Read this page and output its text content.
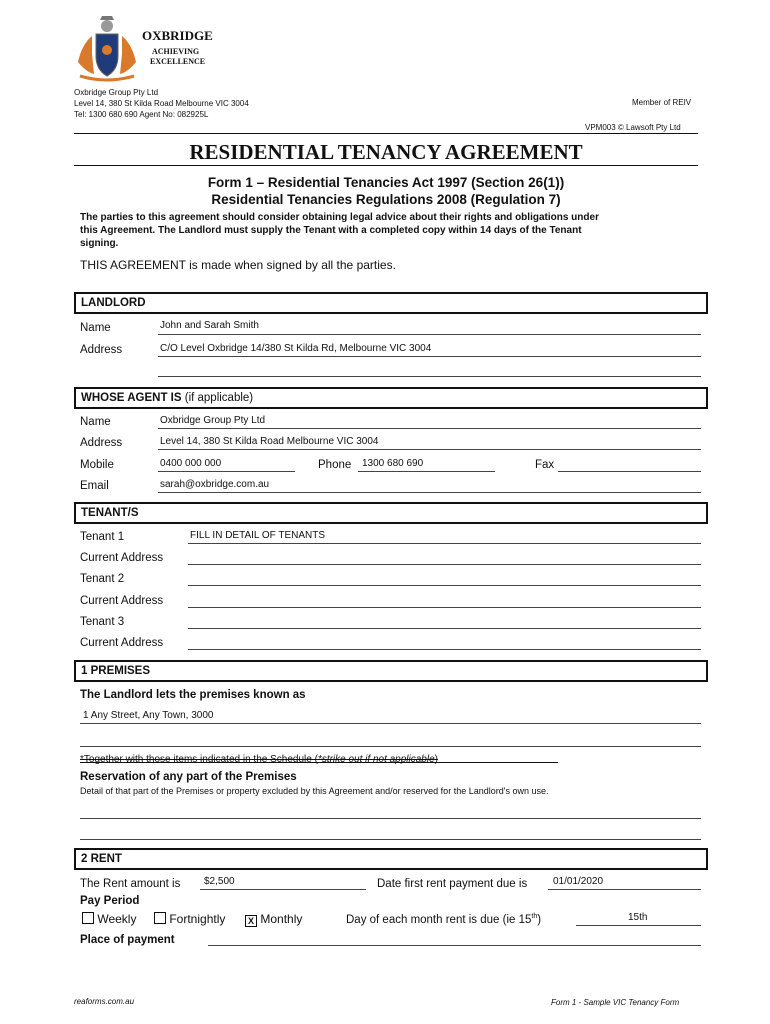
OXBRIDGE
ACHIEVING
EXCELLENCE
Oxbridge Group Pty Ltd
Level 14, 380 St Kilda Road Melbourne VIC 3004
Tel: 1300 680 690 Agent No: 082925L
Member of REIV
VPM003 © Lawsoft Pty Ltd
RESIDENTIAL TENANCY AGREEMENT
Form 1 – Residential Tenancies Act 1997 (Section 26(1))
Residential Tenancies Regulations 2008 (Regulation 7)
The parties to this agreement should consider obtaining legal advice about their rights and obligations under
this Agreement. The Landlord must supply the Tenant with a completed copy within 14 days of the Tenant
signing.
THIS AGREEMENT is made when signed by all the parties.
LANDLORD
Name	John and Sarah Smith
Address	C/O Level Oxbridge 14/380 St Kilda Rd, Melbourne VIC 3004
WHOSE AGENT IS (if applicable)
Name	Oxbridge Group Pty Ltd
Address	Level 14, 380 St Kilda Road Melbourne VIC 3004
Mobile	0400 000 000	Phone 1300 680 690	Fax
Email	sarah@oxbridge.com.au
TENANT/S
Tenant 1	FILL IN DETAIL OF TENANTS
Current Address
Tenant 2
Current Address
Tenant 3
Current Address
1 PREMISES
The Landlord lets the premises known as
1 Any Street, Any Town, 3000
*Together with those items indicated in the Schedule (*strike out if not applicable)
Reservation of any part of the Premises
Detail of that part of the Premises or property excluded by this Agreement and/or reserved for the Landlord's own use.
2 RENT
The Rent amount is $2,500	Date first rent payment due is	01/01/2020
Pay Period
Weekly	Fortnightly	X Monthly	Day of each month rent is due (ie 15th)	15th
Place of payment
reaforms.com.au	Form 1 - Sample VIC Tenancy Form
